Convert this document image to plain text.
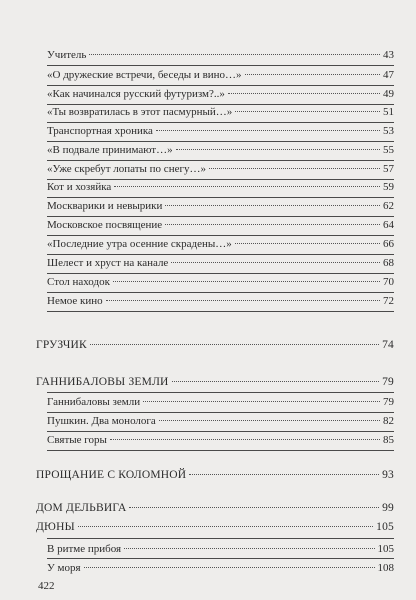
Учитель	43
«О дружеские встречи, беседы и вино…»	47
«Как начинался русский футуризм?..»	49
«Ты возвратилась в этот пасмурный…»	51
Транспортная хроника	53
«В подвале принимают…»	55
«Уже скребут лопаты по снегу…»	57
Кот и хозяйка	59
Москварики и невырики	62
Московское посвящение	64
«Последние утра осенние скрадены…»	66
Шелест и хруст на канале	68
Стол находок	70
Немое кино	72
ГРУЗЧИК	74
ГАННИБАЛОВЫ ЗЕМЛИ	79
Ганнибаловы земли	79
Пушкин. Два монолога	82
Святые горы	85
ПРОЩАНИЕ С КОЛОМНОЙ	93
ДОМ ДЕЛЬВИГА	99
ДЮНЫ	105
В ритме прибоя	105
У моря	108
422
